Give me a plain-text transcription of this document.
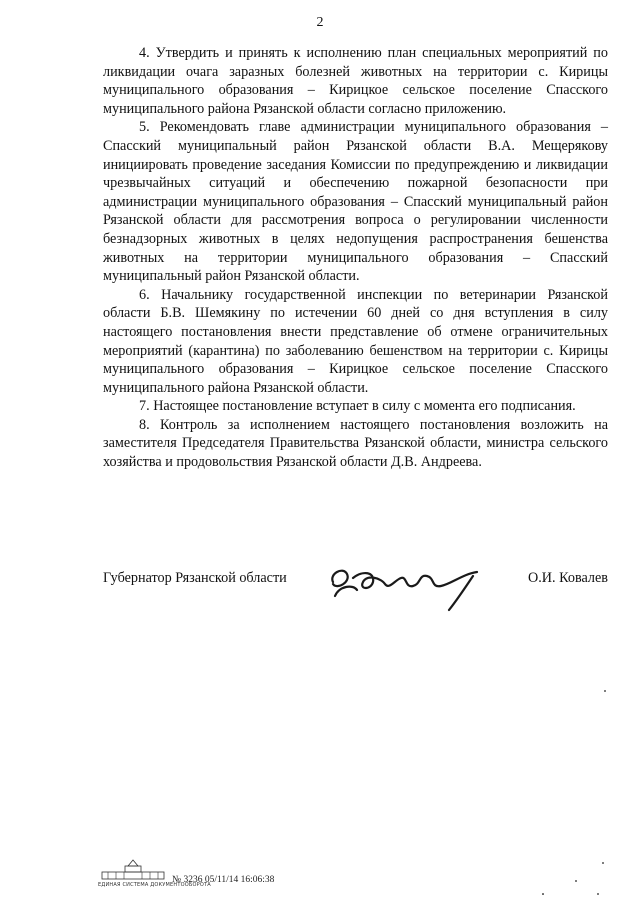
2

4. Утвердить и принять к исполнению план специальных мероприятий по ликвидации очага заразных болезней животных на территории с. Кирицы муниципального образования – Кирицкое сельское поселение Спасского муниципального района Рязанской области согласно приложению.

5. Рекомендовать главе администрации муниципального образования – Спасский муниципальный район Рязанской области В.А. Мещерякову инициировать проведение заседания Комиссии по предупреждению и ликвидации чрезвычайных ситуаций и обеспечению пожарной безопасности при администрации муниципального образования – Спасский муниципальный район Рязанской области для рассмотрения вопроса о регулировании численности безнадзорных животных в целях недопущения распространения бешенства животных на территории муниципального образования – Спасский муниципальный район Рязанской области.

6. Начальнику государственной инспекции по ветеринарии Рязанской области Б.В. Шемякину по истечении 60 дней со дня вступления в силу настоящего постановления внести представление об отмене ограничительных мероприятий (карантина) по заболеванию бешенством на территории с. Кирицы муниципального образования – Кирицкое сельское поселение Спасского муниципального района Рязанской области.

7. Настоящее постановление вступает в силу с момента его подписания.

8. Контроль за исполнением настоящего постановления возложить на заместителя Председателя Правительства Рязанской области, министра сельского хозяйства и продовольствия Рязанской области Д.В. Андреева.

Губернатор Рязанской области	О.И. Ковалев
ЕДИНАЯ СИСТЕМА ДОКУМЕНТООБОРОТА
№ 3236 05/11/14 16:06:38
